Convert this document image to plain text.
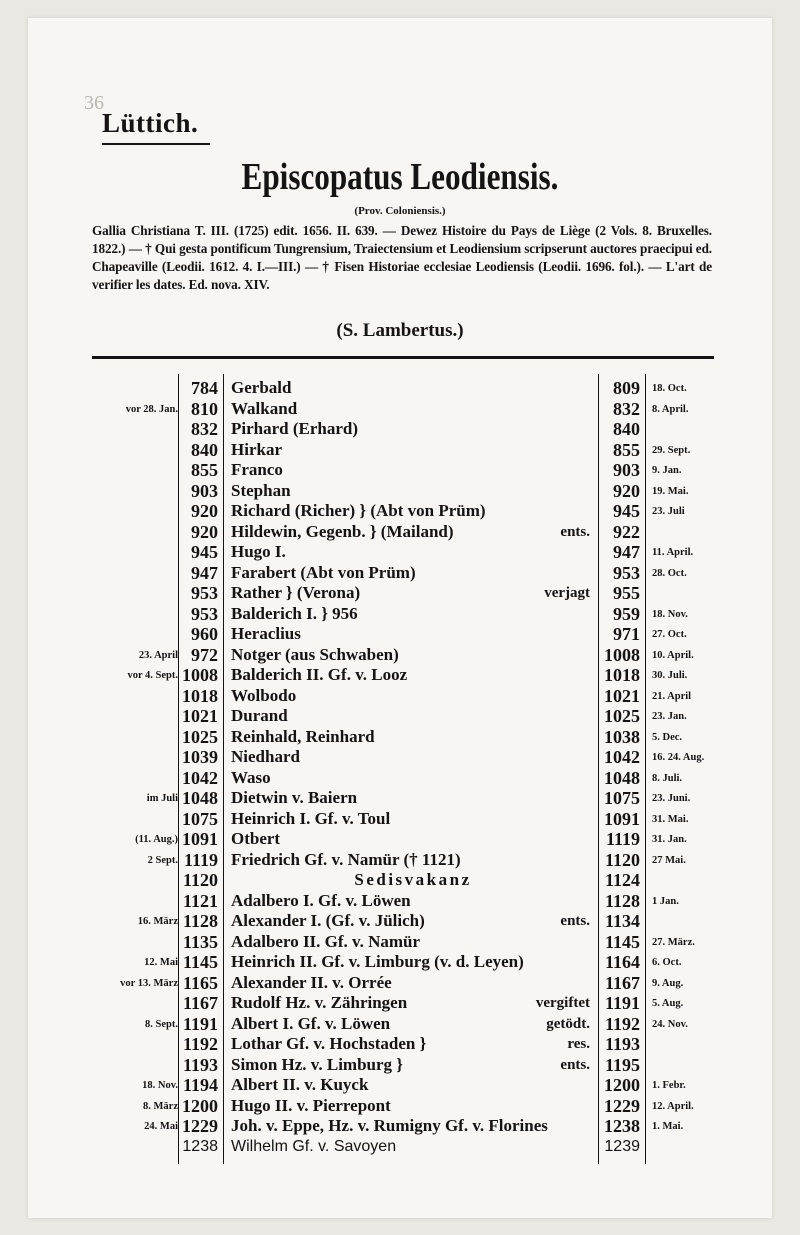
36
Lüttich.
Episcopatus Leodiensis.
(Prov. Coloniensis.)
Gallia Christiana T. III. (1725) edit. 1656. II. 639. — Dewez Histoire du Pays de Liège (2 Vols. 8. Bruxelles. 1822.) — † Qui gesta pontificum Tungrensium, Traiectensium et Leodiensium scripserunt auctores praecipui ed. Chapeaville (Leodii. 1612. 4. I.—III.) — † Fisen Historiae ecclesiae Leodiensis (Leodii. 1696. fol.). — L'art de verifier les dates. Ed. nova. XIV.
(S. Lambertus.)
784 Gerbald	809 18. Oct.
vor 28. Jan. 810 Walkand	832 8. April.
832 Pirhard (Erhard)	840
840 Hirkar	855 29. Sept.
855 Franco	903 9. Jan.
903 Stephan	920 19. Mai.
920 Richard (Richer) } (Abt von Prüm)	945 23. Juli
920 Hildewin, Gegenb. } (Mailand)	ents.	922
945 Hugo I.	947 11. April.
947 Farabert (Abt von Prüm)	953 28. Oct.
953 Rather } (Verona)	verjagt	955
953 Balderich I. } 956	959 18. Nov.
960 Heraclius	971 27. Oct.
23. April 972 Notger (aus Schwaben)	1008 10. April.
vor 4. Sept. 1008 Balderich II. Gf. v. Looz	1018 30. Juli.
1018 Wolbodo	1021 21. April
1021 Durand	1025 23. Jan.
1025 Reinhald, Reinhard	1038 5. Dec.
1039 Niedhard	1042 16. 24. Aug.
1042 Waso	1048 8. Juli.
im Juli 1048 Dietwin v. Baiern	1075 23. Juni.
1075 Heinrich I. Gf. v. Toul	1091 31. Mai.
(11. Aug.) 1091 Otbert	1119 31. Jan.
2 Sept. 1119 Friedrich Gf. v. Namür († 1121)	1120 27 Mai.
1120	Sedisvakanz	1124
1121 Adalbero I. Gf. v. Löwen	1128 1 Jan.
16. März 1128 Alexander I. (Gf. v. Jülich)	ents. 1134
1135 Adalbero II. Gf. v. Namür	1145 27. März.
12. Mai 1145 Heinrich II. Gf. v. Limburg (v. d. Leyen)	1164 6. Oct.
vor 13. März 1165 Alexander II. v. Orrée	1167 9. Aug.
1167 Rudolf Hz. v. Zähringen	vergiftet 1191 5. Aug.
8. Sept. 1191 Albert I. Gf. v. Löwen	getödt. 1192 24. Nov.
1192 Lothar Gf. v. Hochstaden }	res. 1193
1193 Simon Hz. v. Limburg }	ents. 1195
18. Nov. 1194 Albert II. v. Kuyck	1200 1. Febr.
8. März 1200 Hugo II. v. Pierrepont	1229 12. April.
24. Mai 1229 Joh. v. Eppe, Hz. v. Rumigny Gf. v. Florines	1238 1. Mai.
1238 Wilhelm Gf. v. Savoyen	1239
